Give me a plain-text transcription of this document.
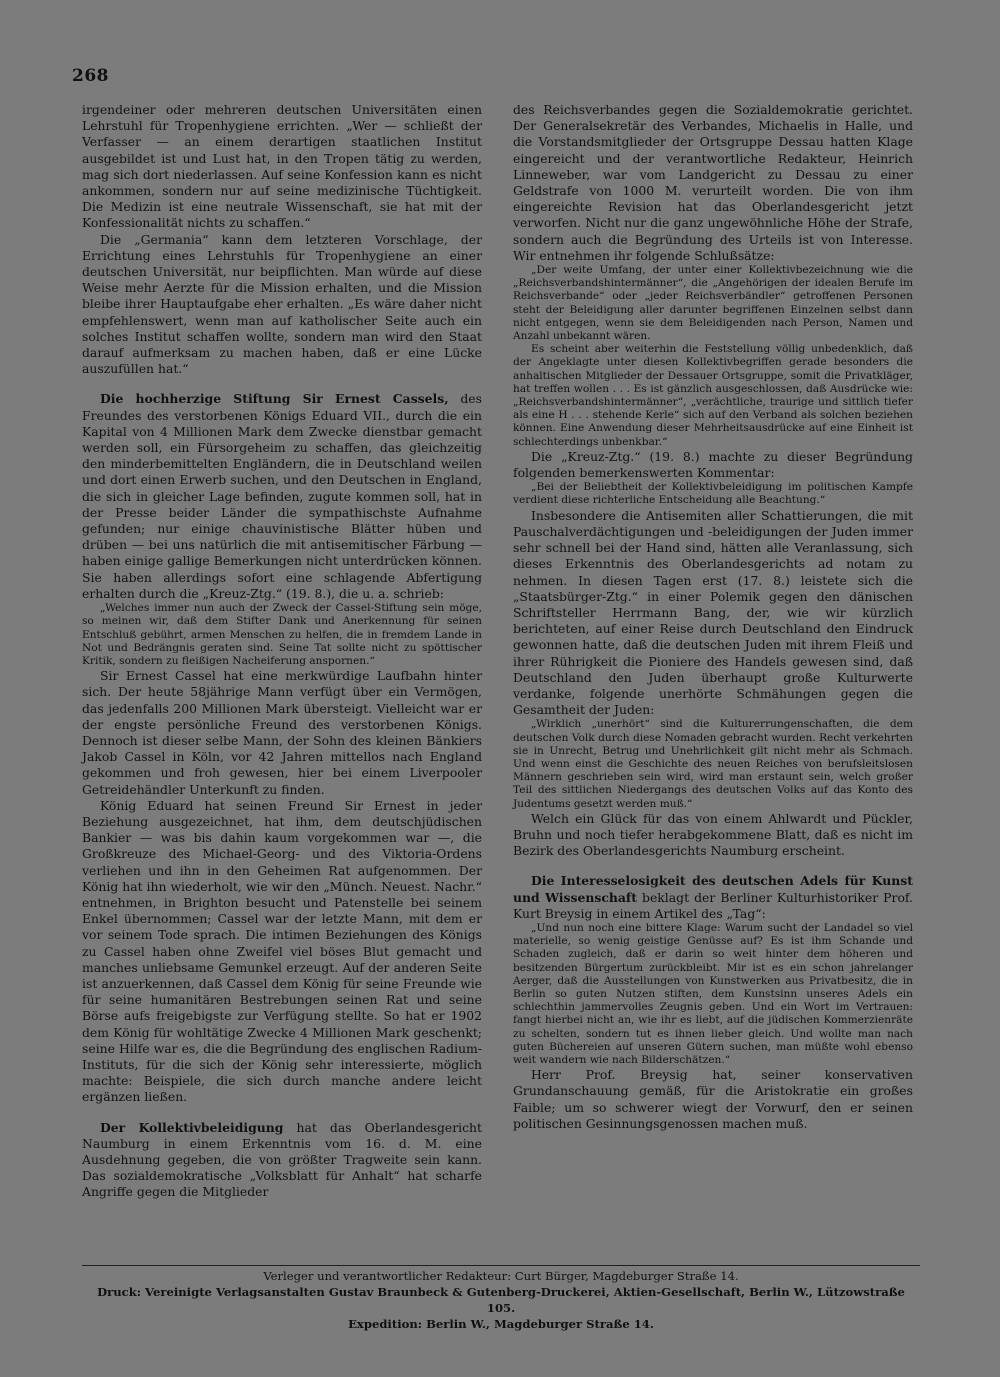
268

irgendeiner oder mehreren deutschen Universitäten einen Lehrstuhl für Tropenhygiene errichten. „Wer — schließt der Verfasser — an einem derartigen staatlichen Institut ausgebildet ist und Lust hat, in den Tropen tätig zu werden, mag sich dort niederlassen. Auf seine Konfession kann es nicht ankommen, sondern nur auf seine medizinische Tüchtigkeit. Die Medizin ist eine neutrale Wissenschaft, sie hat mit der Konfessionalität nichts zu schaffen.“

Die „Germania“ kann dem letzteren Vorschlage, der Errichtung eines Lehrstuhls für Tropenhygiene an einer deutschen Universität, nur beipflichten. Man würde auf diese Weise mehr Aerzte für die Mission erhalten, und die Mission bleibe ihrer Hauptaufgabe eher erhalten. „Es wäre daher nicht empfehlenswert, wenn man auf katholischer Seite auch ein solches Institut schaffen wollte, sondern man wird den Staat darauf aufmerksam zu machen haben, daß er eine Lücke auszufüllen hat.“

Die hochherzige Stiftung Sir Ernest Cassels, des Freundes des verstorbenen Königs Eduard VII., durch die ein Kapital von 4 Millionen Mark dem Zwecke dienstbar gemacht werden soll, ein Fürsorgeheim zu schaffen, das gleichzeitig den minderbemittelten Engländern, die in Deutschland weilen und dort einen Erwerb suchen, und den Deutschen in England, die sich in gleicher Lage befinden, zugute kommen soll, hat in der Presse beider Länder die sympathischste Aufnahme gefunden; nur einige chauvinistische Blätter hüben und drüben — bei uns natürlich die mit antisemitischer Färbung — haben einige gallige Bemerkungen nicht unterdrücken können. Sie haben allerdings sofort eine schlagende Abfertigung erhalten durch die „Kreuz-Ztg.“ (19. 8.), die u. a. schrieb:

„Welches immer nun auch der Zweck der Cassel-Stiftung sein möge, so meinen wir, daß dem Stifter Dank und Anerkennung für seinen Entschluß gebührt, armen Menschen zu helfen, die in fremdem Lande in Not und Bedrängnis geraten sind. Seine Tat sollte nicht zu spöttischer Kritik, sondern zu fleißigen Nacheiferung anspornen.“

Sir Ernest Cassel hat eine merkwürdige Laufbahn hinter sich. Der heute 58jährige Mann verfügt über ein Vermögen, das jedenfalls 200 Millionen Mark übersteigt. Vielleicht war er der engste persönliche Freund des verstorbenen Königs. Dennoch ist dieser selbe Mann, der Sohn des kleinen Bänkiers Jakob Cassel in Köln, vor 42 Jahren mittellos nach England gekommen und froh gewesen, hier bei einem Liverpooler Getreidehändler Unterkunft zu finden.

König Eduard hat seinen Freund Sir Ernest in jeder Beziehung ausgezeichnet, hat ihm, dem deutschjüdischen Bankier — was bis dahin kaum vorgekommen war —, die Großkreuze des Michael-Georg- und des Viktoria-Ordens verliehen und ihn in den Geheimen Rat aufgenommen. Der König hat ihn wiederholt, wie wir den „Münch. Neuest. Nachr.“ entnehmen, in Brighton besucht und Patenstelle bei seinem Enkel übernommen; Cassel war der letzte Mann, mit dem er vor seinem Tode sprach. Die intimen Beziehungen des Königs zu Cassel haben ohne Zweifel viel böses Blut gemacht und manches unliebsame Gemunkel erzeugt. Auf der anderen Seite ist anzuerkennen, daß Cassel dem König für seine Freunde wie für seine humanitären Bestrebungen seinen Rat und seine Börse aufs freigebigste zur Verfügung stellte. So hat er 1902 dem König für wohltätige Zwecke 4 Millionen Mark geschenkt; seine Hilfe war es, die die Begründung des englischen Radium-Instituts, für die sich der König sehr interessierte, möglich machte: Beispiele, die sich durch manche andere leicht ergänzen ließen.

Der Kollektivbeleidigung hat das Oberlandesgericht Naumburg in einem Erkenntnis vom 16. d. M. eine Ausdehnung gegeben, die von größter Tragweite sein kann. Das sozialdemokratische „Volksblatt für Anhalt“ hat scharfe Angriffe gegen die Mitglieder

des Reichsverbandes gegen die Sozialdemokratie gerichtet. Der Generalsekretär des Verbandes, Michaelis in Halle, und die Vorstandsmitglieder der Ortsgruppe Dessau hatten Klage eingereicht und der verantwortliche Redakteur, Heinrich Linneweber, war vom Landgericht zu Dessau zu einer Geldstrafe von 1000 M. verurteilt worden. Die von ihm eingereichte Revision hat das Oberlandesgericht jetzt verworfen. Nicht nur die ganz ungewöhnliche Höhe der Strafe, sondern auch die Begründung des Urteils ist von Interesse. Wir entnehmen ihr folgende Schlußsätze:

„Der weite Umfang, der unter einer Kollektivbezeichnung wie die „Reichsverbandshintermänner“, die „Angehörigen der idealen Berufe im Reichsverbande“ oder „jeder Reichsverbändler“ getroffenen Personen steht der Beleidigung aller darunter begriffenen Einzelnen selbst dann nicht entgegen, wenn sie dem Beleidigenden nach Person, Namen und Anzahl unbekannt wären.
Es scheint aber weiterhin die Feststellung völlig unbedenklich, daß der Angeklagte unter diesen Kollektivbegriffen gerade besonders die anhaltischen Mitglieder der Dessauer Ortsgruppe, somit die Privatkläger, hat treffen wollen . . . Es ist gänzlich ausgeschlossen, daß Ausdrücke wie: „Reichsverbandshintermänner“, „verächtliche, traurige und sittlich tiefer als eine H . . . stehende Kerle“ sich auf den Verband als solchen beziehen können. Eine Anwendung dieser Mehrheitsausdrücke auf eine Einheit ist schlechterdings unbenkbar.“

Die „Kreuz-Ztg.“ (19. 8.) machte zu dieser Begründung folgenden bemerkenswerten Kommentar:

„Bei der Beliebtheit der Kollektivbeleidigung im politischen Kampfe verdient diese richterliche Entscheidung alle Beachtung.“

Insbesondere die Antisemiten aller Schattierungen, die mit Pauschalverdächtigungen und -beleidigungen der Juden immer sehr schnell bei der Hand sind, hätten alle Veranlassung, sich dieses Erkenntnis des Oberlandesgerichts ad notam zu nehmen. In diesen Tagen erst (17. 8.) leistete sich die „Staatsbürger-Ztg.“ in einer Polemik gegen den dänischen Schriftsteller Herrmann Bang, der, wie wir kürzlich berichteten, auf einer Reise durch Deutschland den Eindruck gewonnen hatte, daß die deutschen Juden mit ihrem Fleiß und ihrer Rührigkeit die Pioniere des Handels gewesen sind, daß Deutschland den Juden überhaupt große Kulturwerte verdanke, folgende unerhörte Schmähungen gegen die Gesamtheit der Juden:

„Wirklich „unerhört“ sind die Kulturerrungenschaften, die dem deutschen Volk durch diese Nomaden gebracht wurden. Recht verkehrten sie in Unrecht, Betrug und Unehrlichkeit gilt nicht mehr als Schmach. Und wenn einst die Geschichte des neuen Reiches von berufsleitslosen Männern geschrieben sein wird, wird man erstaunt sein, welch großer Teil des sittlichen Niedergangs des deutschen Volks auf das Konto des Judentums gesetzt werden muß.“

Welch ein Glück für das von einem Ahlwardt und Pückler, Bruhn und noch tiefer herabgekommene Blatt, daß es nicht im Bezirk des Oberlandesgerichts Naumburg erscheint.

Die Interesselosigkeit des deutschen Adels für Kunst und Wissenschaft beklagt der Berliner Kulturhistoriker Prof. Kurt Breysig in einem Artikel des „Tag“:

„Und nun noch eine bittere Klage: Warum sucht der Landadel so viel materielle, so wenig geistige Genüsse auf? Es ist ihm Schande und Schaden zugleich, daß er darin so weit hinter dem höheren und besitzenden Bürgertum zurückbleibt. Mir ist es ein schon jahrelanger Aerger, daß die Ausstellungen von Kunstwerken aus Privatbesitz, die in Berlin so guten Nutzen stiften, dem Kunstsinn unseres Adels ein schlechthin jammervolles Zeugnis geben. Und ein Wort im Vertrauen: fangt hierbei nicht an, wie ihr es liebt, auf die jüdischen Kommerzienräte zu schelten, sondern tut es ihnen lieber gleich. Und wollte man nach guten Büchereien auf unseren Gütern suchen, man müßte wohl ebenso weit wandern wie nach Bilderschätzen.“

Herr Prof. Breysig hat, seiner konservativen Grundanschauung gemäß, für die Aristokratie ein großes Faible; um so schwerer wiegt der Vorwurf, den er seinen politischen Gesinnungsgenossen machen muß.

Verleger und verantwortlicher Redakteur: Curt Bürger, Magdeburger Straße 14.
Druck: Vereinigte Verlagsanstalten Gustav Braunbeck & Gutenberg-Druckerei, Aktien-Gesellschaft, Berlin W., Lützowstraße 105.
Expedition: Berlin W., Magdeburger Straße 14.
